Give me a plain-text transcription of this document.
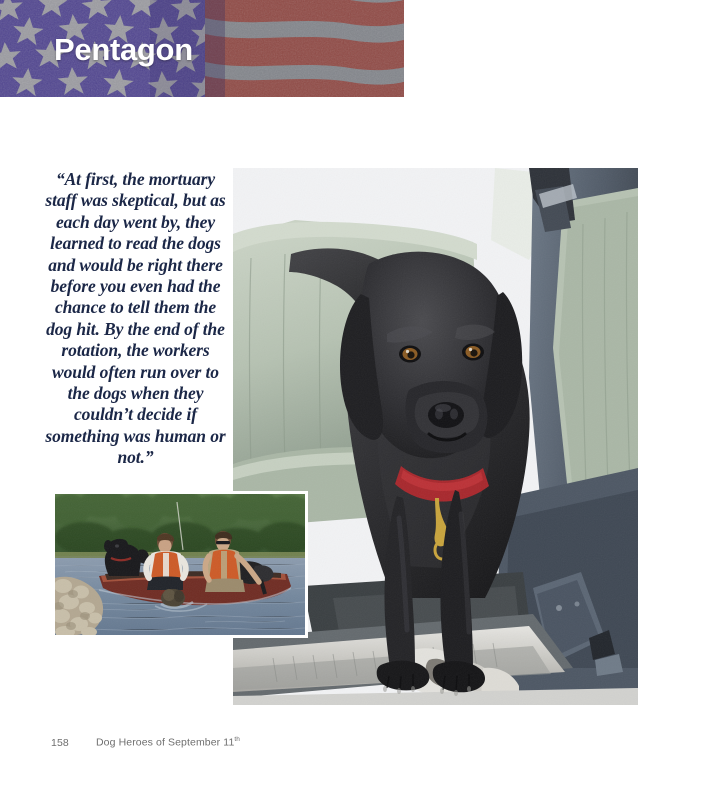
Pentagon
“At first, the mortuary staff was skeptical, but as each day went by, they learned to read the dogs and would be right there before you even had the chance to tell them the dog hit. By the end of the rotation, the workers would often run over to the dogs when they couldn’t decide if something was human or not.”
158	Dog Heroes of September 11th
